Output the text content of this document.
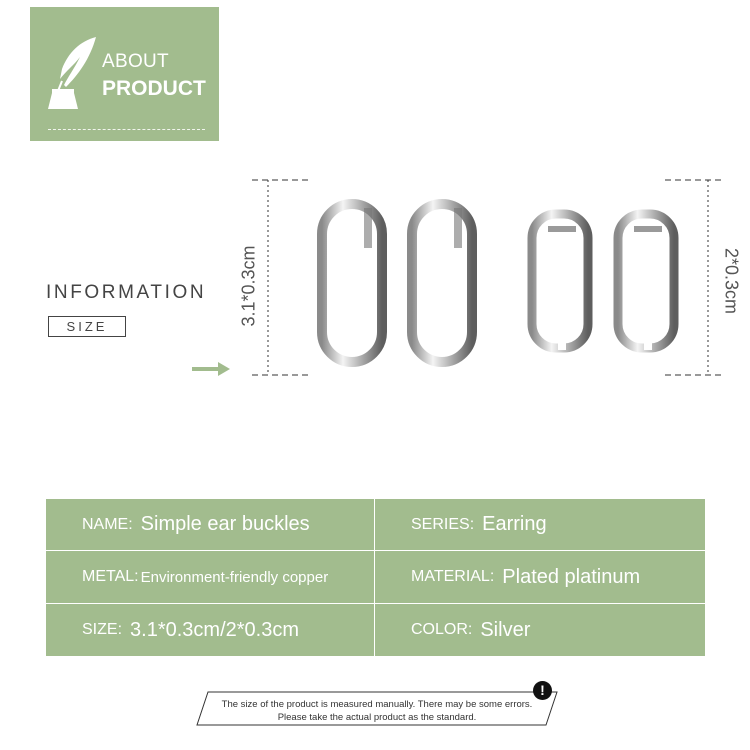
ABOUT
PRODUCT
INFORMATION
SIZE	3.1*0.3cm	2*0.3cm
NAME: Simple ear buckles	SERIES: Earring
METAL: Environment-friendly copper	MATERIAL: Plated platinum
SIZE: 3.1*0.3cm/2*0.3cm	COLOR: Silver
The size of the product is measured manually. There may be some errors.
Please take the actual product as the standard.
!
